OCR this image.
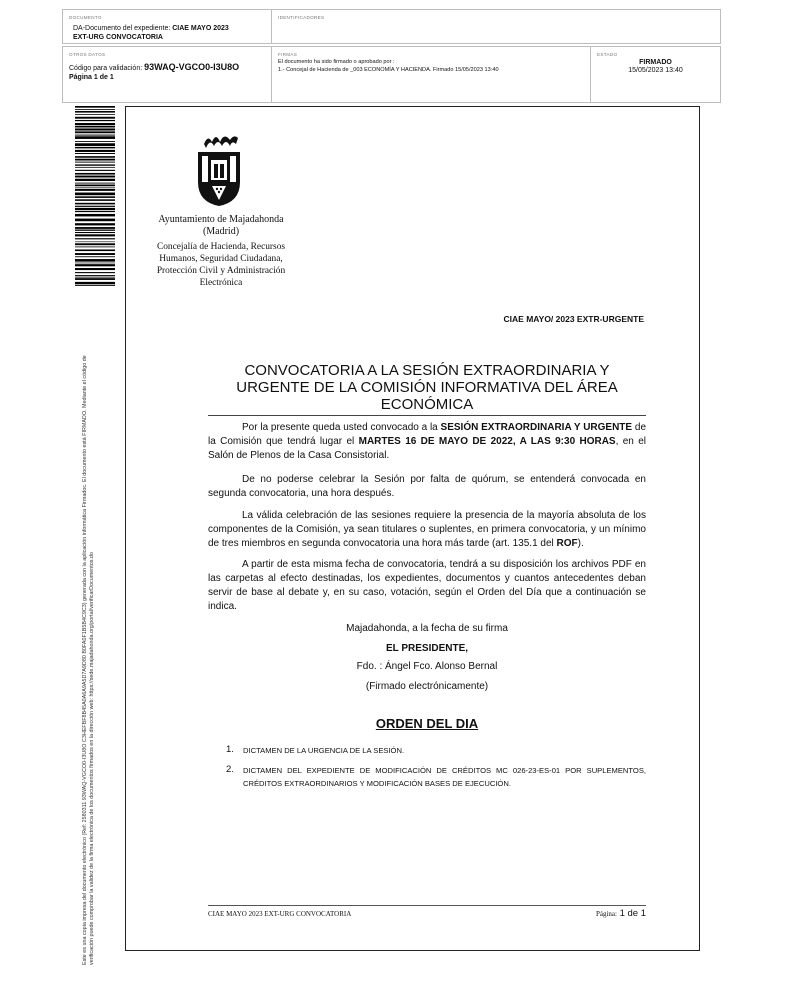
DOCUMENTO
DA-Documento del expediente: CIAE MAYO 2023
EXT-URG CONVOCATORIA
IDENTIFICADORES
OTROS DATOS
Código para validación: 93WAQ-VGCO0-I3U8O
Página 1 de 1
FIRMAS
El documento ha sido firmado o aprobado por :
1.- Concejal de Hacienda de _003 ECONOMÍA Y HACIENDA. Firmado 15/05/2023 13:40
ESTADO
FIRMADO
15/05/2023 13:40
Este es una copia impresa del documento electrónico (Ref: 2580311 93WAQ-VGCO0-I3U8O C3HEFBF8B45A0A6A9A5D7A9D80 B0FA0F1B5B4C9C3) generada con la aplicación informática Firmadoc. El documento está FIRMADO. Mediante el código de verificación puede comprobar la validez de la firma electrónica de los documentos firmados en la dirección web: https://sede.majadahonda.org/portal/verificarDocumentos.do
Ayuntamiento de Majadahonda
(Madrid)
Concejalía de Hacienda, Recursos
Humanos, Seguridad Ciudadana,
Protección Civil y Administración
Electrónica
CIAE MAYO/ 2023 EXTR-URGENTE
CONVOCATORIA A LA SESIÓN EXTRAORDINARIA Y
URGENTE DE LA COMISIÓN INFORMATIVA DEL ÁREA
ECONÓMICA
Por la presente queda usted convocado a la SESIÓN EXTRAORDINARIA Y URGENTE de la Comisión que tendrá lugar el MARTES 16 DE MAYO DE 2022, A LAS 9:30 HORAS, en el Salón de Plenos de la Casa Consistorial.
De no poderse celebrar la Sesión por falta de quórum, se entenderá convocada en segunda convocatoria, una hora después.
La válida celebración de las sesiones requiere la presencia de la mayoría absoluta de los componentes de la Comisión, ya sean titulares o suplentes, en primera convocatoria, y un mínimo de tres miembros en segunda convocatoria una hora más tarde (art. 135.1 del ROF).
A partir de esta misma fecha de convocatoria, tendrá a su disposición los archivos PDF en las carpetas al efecto destinadas, los expedientes, documentos y cuantos antecedentes deban servir de base al debate y, en su caso, votación, según el Orden del Día que a continuación se indica.
Majadahonda, a la fecha de su firma
EL PRESIDENTE,
Fdo. : Ángel Fco. Alonso Bernal
(Firmado electrónicamente)
ORDEN DEL DIA
1. DICTAMEN DE LA URGENCIA DE LA SESIÓN.
2. DICTAMEN DEL EXPEDIENTE DE MODIFICACIÓN DE CRÉDITOS MC 026-23-ES-01 POR SUPLEMENTOS, CRÉDITOS EXTRAORDINARIOS Y MODIFICACIÓN BASES DE EJECUCIÓN.
CIAE MAYO 2023 EXT-URG CONVOCATORIA	Página: 1 de 1
